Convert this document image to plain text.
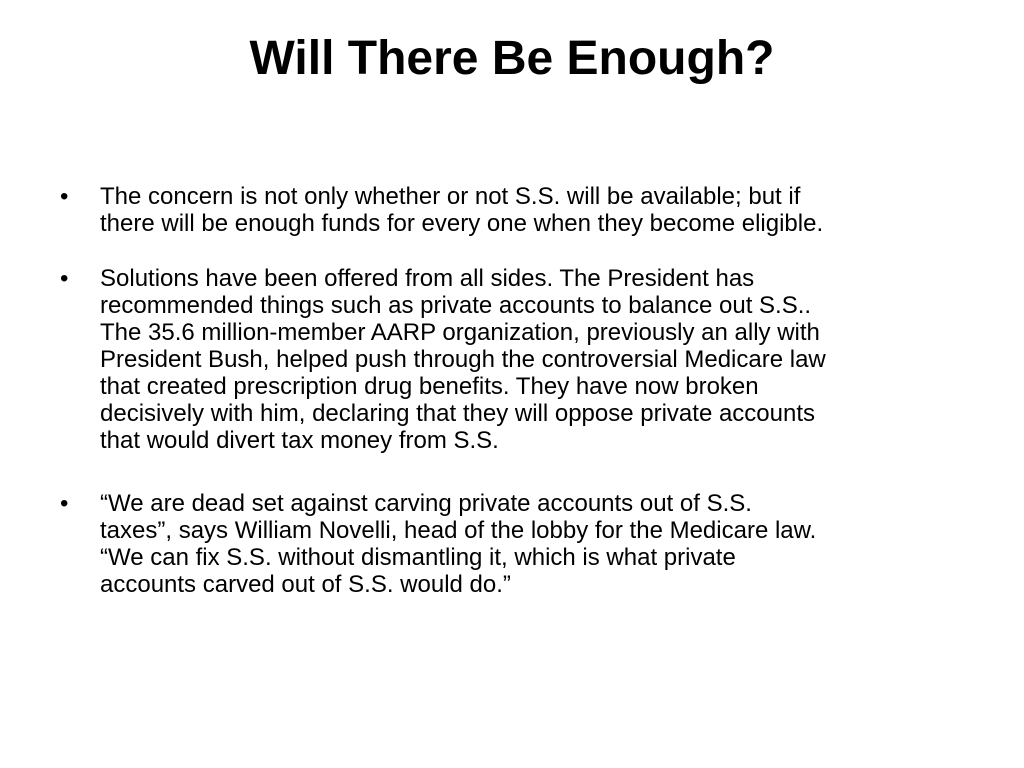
Will There Be Enough?
• The concern is not only whether or not S.S. will be available; but if
there will be enough funds for every one when they become eligible.
• Solutions have been offered from all sides. The President has
recommended things such as private accounts to balance out S.S..
The 35.6 million-member AARP organization, previously an ally with
President Bush, helped push through the controversial Medicare law
that created prescription drug benefits. They have now broken
decisively with him, declaring that they will oppose private accounts
that would divert tax money from S.S.
• “We are dead set against carving private accounts out of S.S.
taxes”, says William Novelli, head of the lobby for the Medicare law.
“We can fix S.S. without dismantling it, which is what private
accounts carved out of S.S. would do.”
